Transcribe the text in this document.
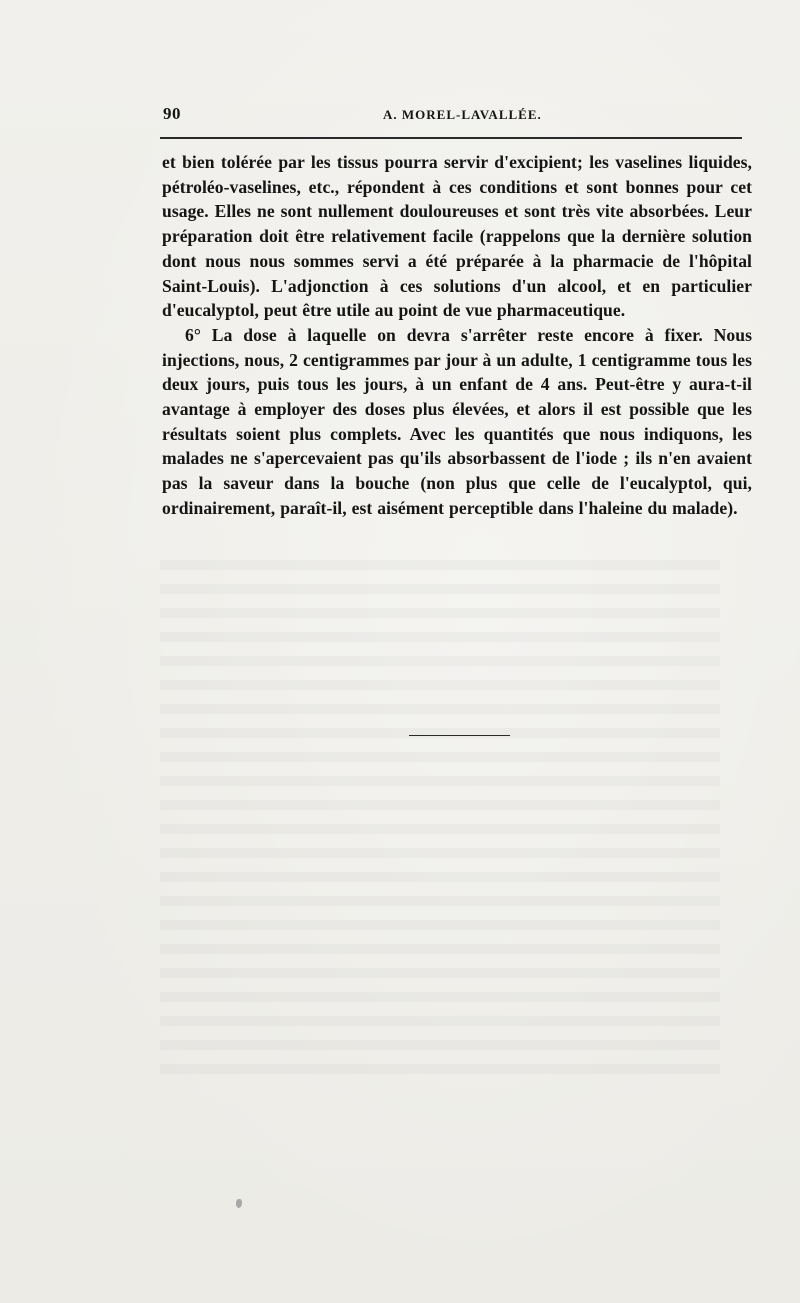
90	A. MOREL-LAVALLÉE.

et bien tolérée par les tissus pourra servir d'excipient; les vaselines liquides, pétroléo-vaselines, etc., répondent à ces conditions et sont bonnes pour cet usage. Elles ne sont nullement douloureuses et sont très vite absorbées. Leur préparation doit être relativement facile (rappelons que la dernière solution dont nous nous sommes servi a été préparée à la pharmacie de l'hôpital Saint-Louis). L'adjonction à ces solutions d'un alcool, et en particulier d'eucalyptol, peut être utile au point de vue pharmaceutique.

6° La dose à laquelle on devra s'arrêter reste encore à fixer. Nous injections, nous, 2 centigrammes par jour à un adulte, 1 centigramme tous les deux jours, puis tous les jours, à un enfant de 4 ans. Peut-être y aura-t-il avantage à employer des doses plus élevées, et alors il est possible que les résultats soient plus complets. Avec les quantités que nous indiquons, les malades ne s'apercevaient pas qu'ils absorbassent de l'iode ; ils n'en avaient pas la saveur dans la bouche (non plus que celle de l'eucalyptol, qui, ordinairement, paraît-il, est aisément perceptible dans l'haleine du malade).
